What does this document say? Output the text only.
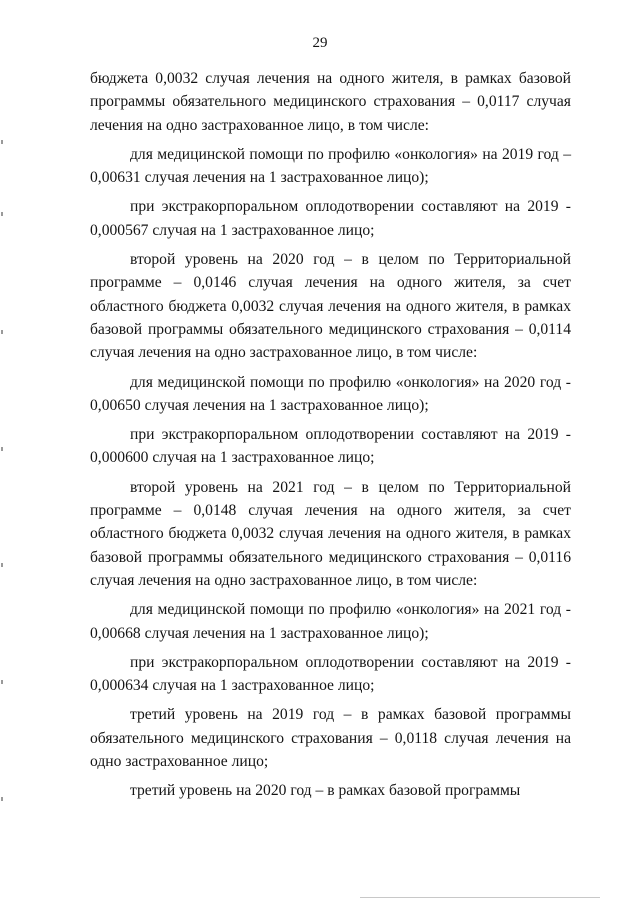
29

бюджета 0,0032 случая лечения на одного жителя, в рамках базовой программы обязательного медицинского страхования – 0,0117 случая лечения на одно застрахованное лицо, в том числе:

для медицинской помощи по профилю «онкология» на 2019 год – 0,00631 случая лечения на 1 застрахованное лицо);

при экстракорпоральном оплодотворении составляют на 2019 - 0,000567 случая на 1 застрахованное лицо;

второй уровень на 2020 год – в целом по Территориальной программе – 0,0146 случая лечения на одного жителя, за счет областного бюджета 0,0032 случая лечения на одного жителя, в рамках базовой программы обязательного медицинского страхования – 0,0114 случая лечения на одно застрахованное лицо, в том числе:

для медицинской помощи по профилю «онкология» на 2020 год - 0,00650 случая лечения на 1 застрахованное лицо);

при экстракорпоральном оплодотворении составляют на 2019 - 0,000600 случая на 1 застрахованное лицо;

второй уровень на 2021 год – в целом по Территориальной программе – 0,0148 случая лечения на одного жителя, за счет областного бюджета 0,0032 случая лечения на одного жителя, в рамках базовой программы обязательного медицинского страхования – 0,0116 случая лечения на одно застрахованное лицо, в том числе:

для медицинской помощи по профилю «онкология» на 2021 год - 0,00668 случая лечения на 1 застрахованное лицо);

при экстракорпоральном оплодотворении составляют на 2019 - 0,000634 случая на 1 застрахованное лицо;

третий уровень на 2019 год – в рамках базовой программы обязательного медицинского страхования – 0,0118 случая лечения на одно застрахованное лицо;

третий уровень на 2020 год – в рамках базовой программы
